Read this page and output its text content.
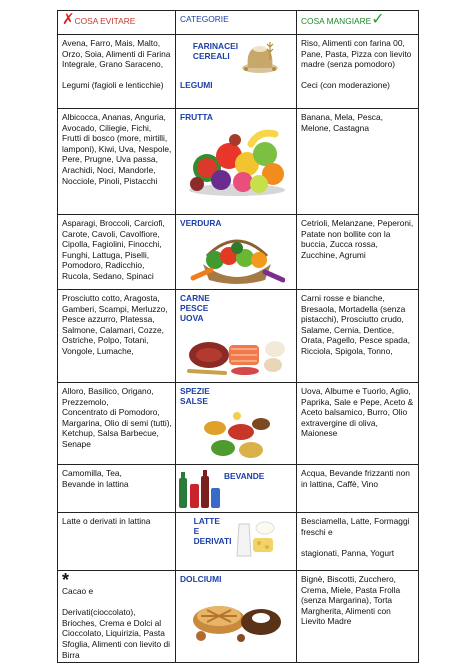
✗COSA EVITARE	CATEGORIE	COSA MANGIARE✓
Avena, Farro, Mais, Malto, Orzo, Soia, Alimenti di Farina Integrale, Grano Saraceno,

Legumi (fagioli e lenticchie)	FARINACEI
CEREALI
LEGUMI	Riso, Alimenti con farina 00, Pane, Pasta, Pizza con lievito madre (senza pomodoro)

Ceci (con moderazione)
Albicocca, Ananas, Anguria, Avocado, Ciliegie, Fichi, Frutti di bosco (more, mirtilli, lamponi), Kiwi, Uva, Nespole, Pere, Prugne, Uva passa,
Arachidi, Noci, Mandorle, Nocciole, Pinoli, Pistacchi	FRUTTA	Banana, Mela, Pesca, Melone, Castagna
Asparagi, Broccoli, Carciofi, Carote, Cavoli, Cavolfiore, Cipolla, Fagiolini, Finocchi, Funghi, Lattuga, Piselli, Pomodoro, Radicchio, Rucola, Sedano, Spinaci	VERDURA	Cetrioli, Melanzane, Peperoni, Patate non bollite con la buccia, Zucca rossa, Zucchine, Agrumi
Prosciutto cotto, Aragosta, Gamberi, Scampi, Merluzzo, Pesce azzurro, Platessa, Salmone, Calamari, Cozze, Ostriche, Polpo, Totani, Vongole, Lumache,	CARNE
PESCE
UOVA	Carni rosse e bianche, Bresaola, Mortadella (senza pistacchi), Prosciutto crudo, Salame, Cernia, Dentice, Orata, Pagello, Pesce spada, Ricciola, Spigola, Tonno,
Alloro, Basilico, Origano, Prezzemolo,
Concentrato di Pomodoro, Margarina, Olio di semi (tutti),
Ketchup, Salsa Barbecue, Senape	SPEZIE
SALSE	Uova, Albume e Tuorlo, Aglio, Paprika, Sale e Pepe, Aceto & Aceto balsamico, Burro, Olio extravergine di oliva,
Maionese
Camomilla, Tea,
Bevande in lattina	BEVANDE	Acqua, Bevande frizzanti non in lattina, Caffè, Vino
Latte o derivati in lattina	LATTE
E
DERIVATI	Besciamella, Latte, Formaggi freschi e

stagionati, Panna, Yogurt

*
Cacao e

Derivati(cioccolato), Brioches, Crema e Dolci al Cioccolato, Liquirizia, Pasta Sfoglia, Alimenti con lievito di Birra	DOLCIUMI	Bignè, Biscotti, Zucchero, Crema, Miele, Pasta Frolla (senza Margarina), Torta Margherita, Alimenti con Lievito Madre
